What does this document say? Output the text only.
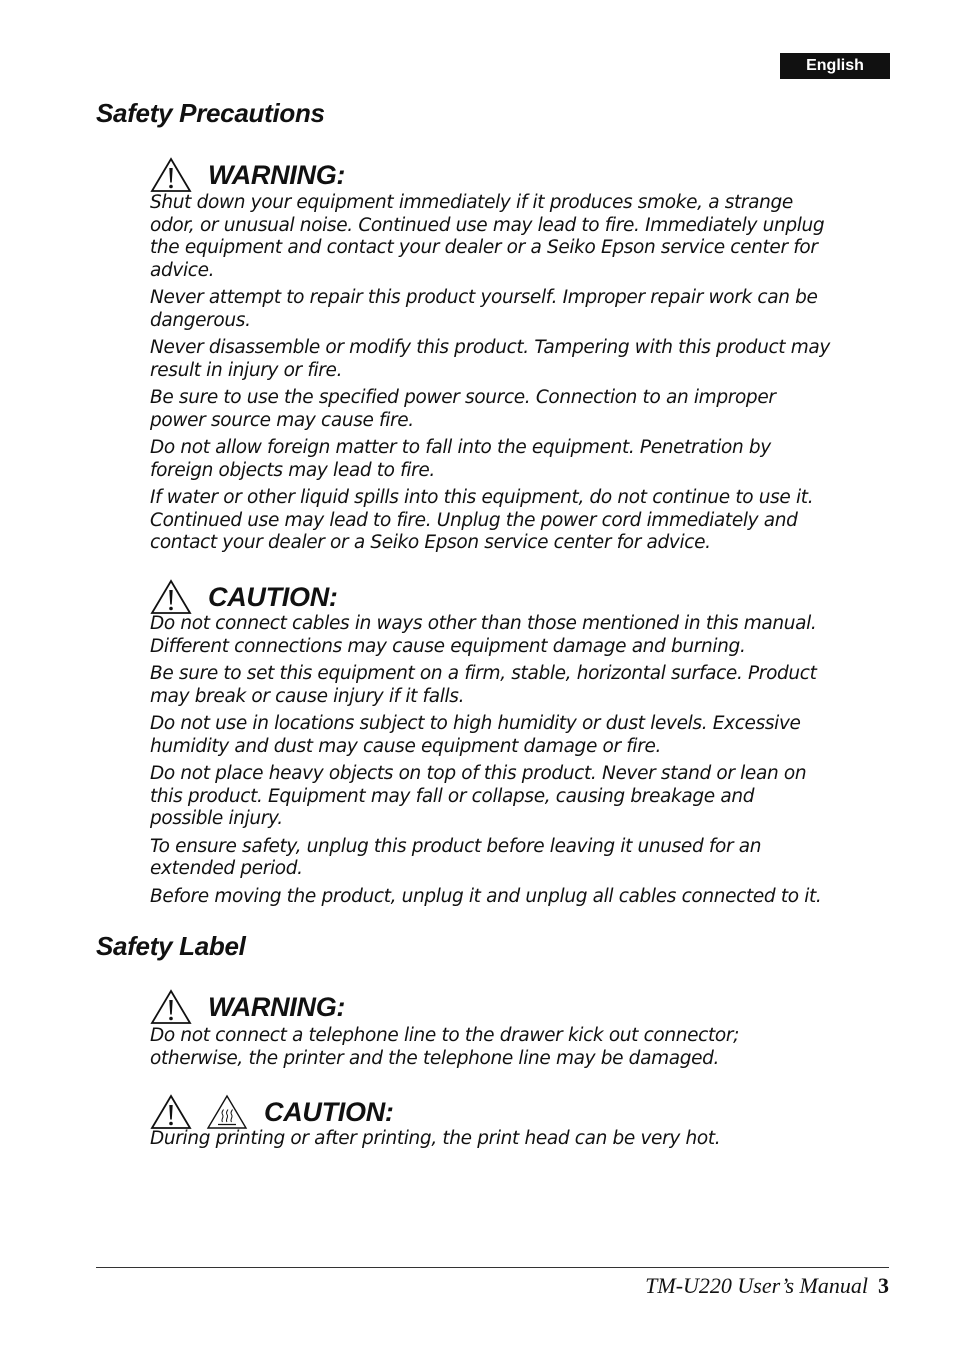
English
Safety Precautions
WARNING:
Shut down your equipment immediately if it produces smoke, a strange
odor, or unusual noise. Continued use may lead to fire. Immediately unplug
the equipment and contact your dealer or a Seiko Epson service center for
advice.
Never attempt to repair this product yourself. Improper repair work can be
dangerous.
Never disassemble or modify this product. Tampering with this product may
result in injury or fire.
Be sure to use the specified power source. Connection to an improper
power source may cause fire.
Do not allow foreign matter to fall into the equipment. Penetration by
foreign objects may lead to fire.
If water or other liquid spills into this equipment, do not continue to use it.
Continued use may lead to fire. Unplug the power cord immediately and
contact your dealer or a Seiko Epson service center for advice.
CAUTION:
Do not connect cables in ways other than those mentioned in this manual.
Different connections may cause equipment damage and burning.
Be sure to set this equipment on a firm, stable, horizontal surface. Product
may break or cause injury if it falls.
Do not use in locations subject to high humidity or dust levels. Excessive
humidity and dust may cause equipment damage or fire.
Do not place heavy objects on top of this product. Never stand or lean on
this product. Equipment may fall or collapse, causing breakage and
possible injury.
To ensure safety, unplug this product before leaving it unused for an
extended period.
Before moving the product, unplug it and unplug all cables connected to it.
Safety Label
WARNING:
Do not connect a telephone line to the drawer kick out connector;
otherwise, the printer and the telephone line may be damaged.
CAUTION:
During printing or after printing, the print head can be very hot.
TM-U220 User’s Manual 3
